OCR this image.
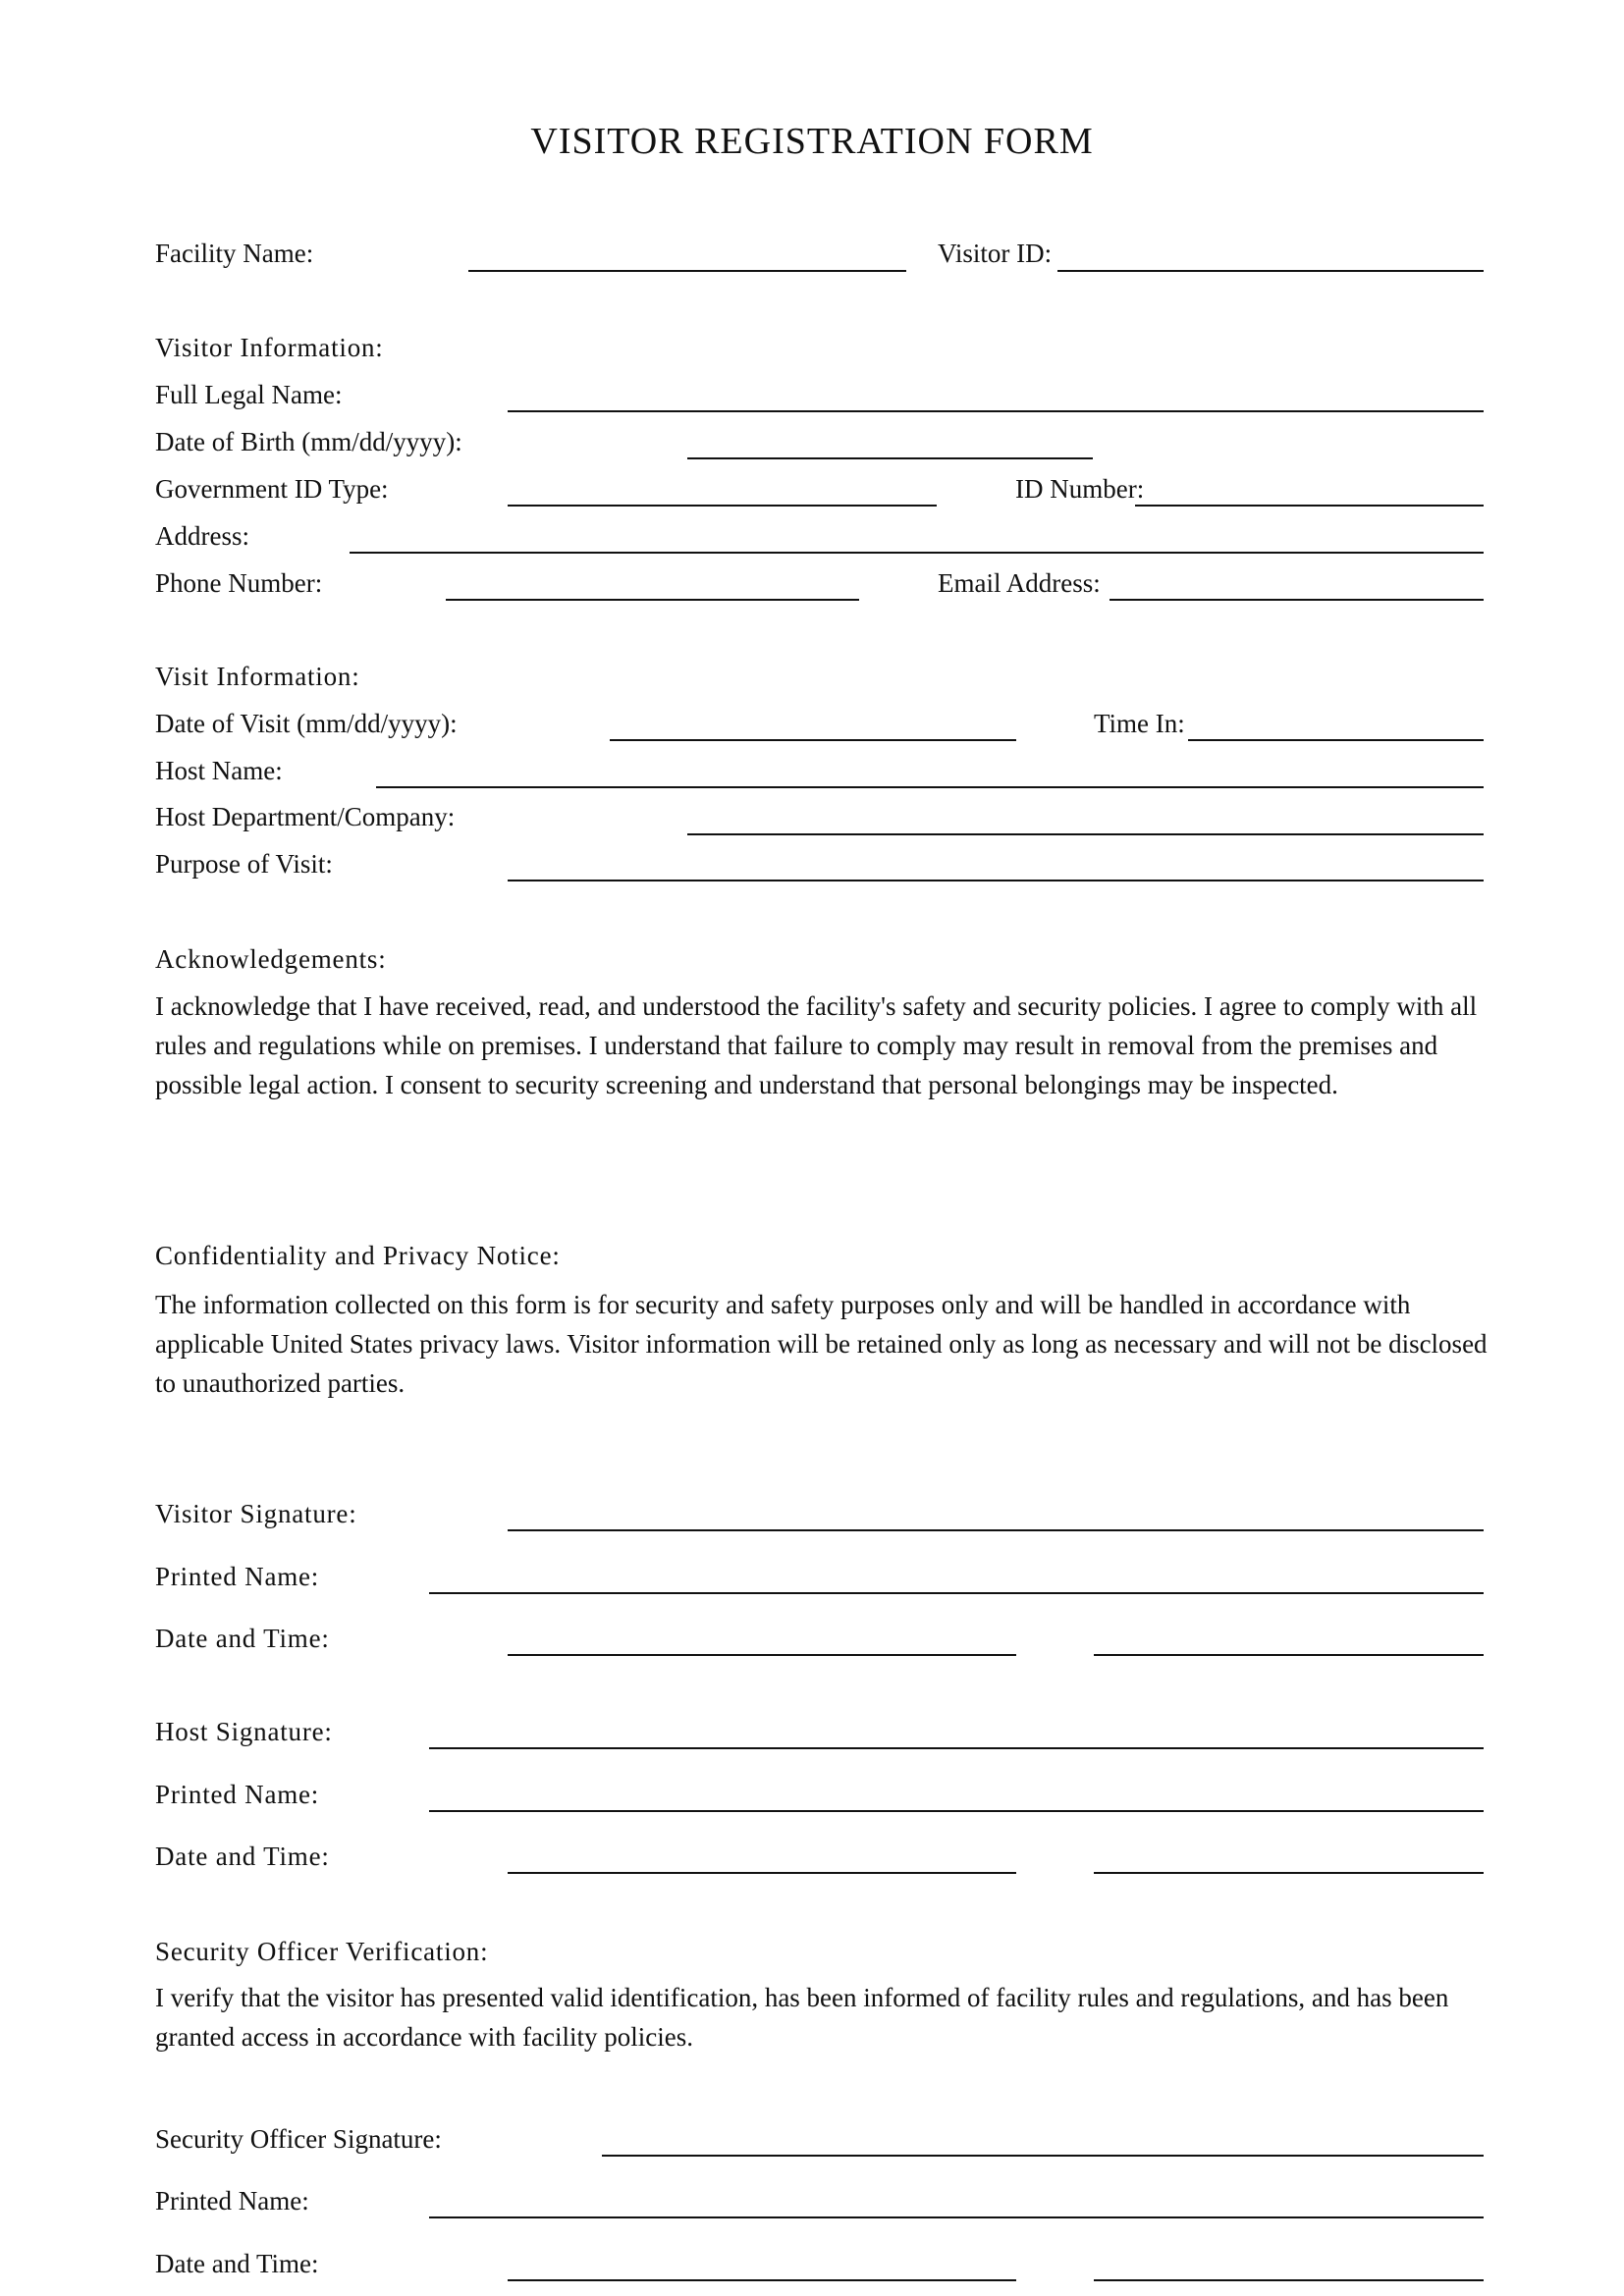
VISITOR REGISTRATION FORM
Facility Name:	Visitor ID:
Visitor Information:
Full Legal Name:
Date of Birth (mm/dd/yyyy):
Government ID Type:	ID Number:
Address:
Phone Number:	Email Address:
Visit Information:
Date of Visit (mm/dd/yyyy):	Time In:
Host Name:
Host Department/Company:
Purpose of Visit:
Acknowledgements:
I acknowledge that I have received, read, and understood the facility's safety and security policies. I agree to comply with all rules and regulations while on premises. I understand that failure to comply may result in removal from the premises and possible legal action. I consent to security screening and understand that personal belongings may be inspected.
Confidentiality and Privacy Notice:
The information collected on this form is for security and safety purposes only and will be handled in accordance with applicable United States privacy laws. Visitor information will be retained only as long as necessary and will not be disclosed to unauthorized parties.
Visitor Signature:
Printed Name:
Date and Time:
Host Signature:
Printed Name:
Date and Time:
Security Officer Verification:
I verify that the visitor has presented valid identification, has been informed of facility rules and regulations, and has been granted access in accordance with facility policies.
Security Officer Signature:
Printed Name:
Date and Time:
